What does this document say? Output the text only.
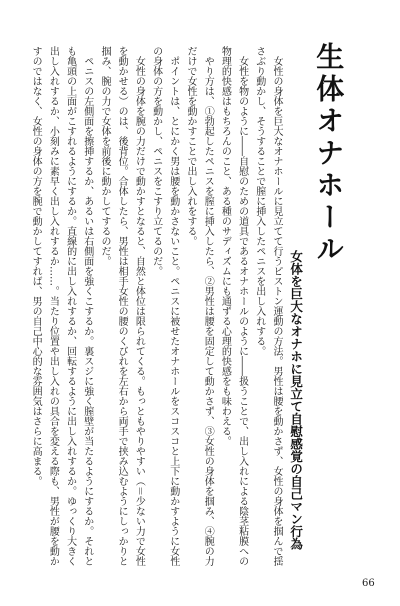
生体オナホール
女体を巨大なオナホに見立て自慰感覚の自己マン行為

女性の身体を巨大なオナホールに見立てて行うピストン運動の方法。男性は腰を動かさず、女性の身体を掴んで揺さぶり動かし、そうすることで膣に挿入したペニスを出し入れする。

女性を物のように――自慰のための道具であるオナホールのように――扱うことで、出し入れによる陰茎粘膜への物理的快感はもちろんのこと、ある種のサディズムにも通ずる心理的快感をも味わえる。

やり方は、①勃起したペニスを膣に挿入したら、②男性は腰を固定して動かさず、③女性の身体を掴み、④腕の力だけで女性を動かすことで出し入れをする。

ポイントは、とにかく男は腰を動かさないこと。ペニスに被せたオナホールをスコスコと上下に動かすように女性の身体の方を動かし、ペニスをこすり立てるのだ。

女性の身体を腕の力だけで動かすとなると、自然と体位は限られてくる。もっともやりやすい（＝少ない力で女性を動かせる）のは、後背位。合体したら、男性は相手女性の腰のくびれを左右から両手で挟み込むようにしっかりと掴み、腕の力で女体を前後に動かしてするのだ。

ペニスの左側面を擦挿するか、あるいは右側面を強くこするか。裏スジに強く膣壁が当たるようにするか。それとも亀頭の上面がこすれるようにするか。直線的に出し入れするか、回転するように出し入れするか。ゆっくり大きく出し入れするか、小刻みに素早く出し入れするか……。当たり位置や出し入れの具合を変える際も、男性が腰を動かすのではなく、女性の身体の方を腕で動かしてすれば、男の自己中心的な雰囲気はさらに高まる。

66
